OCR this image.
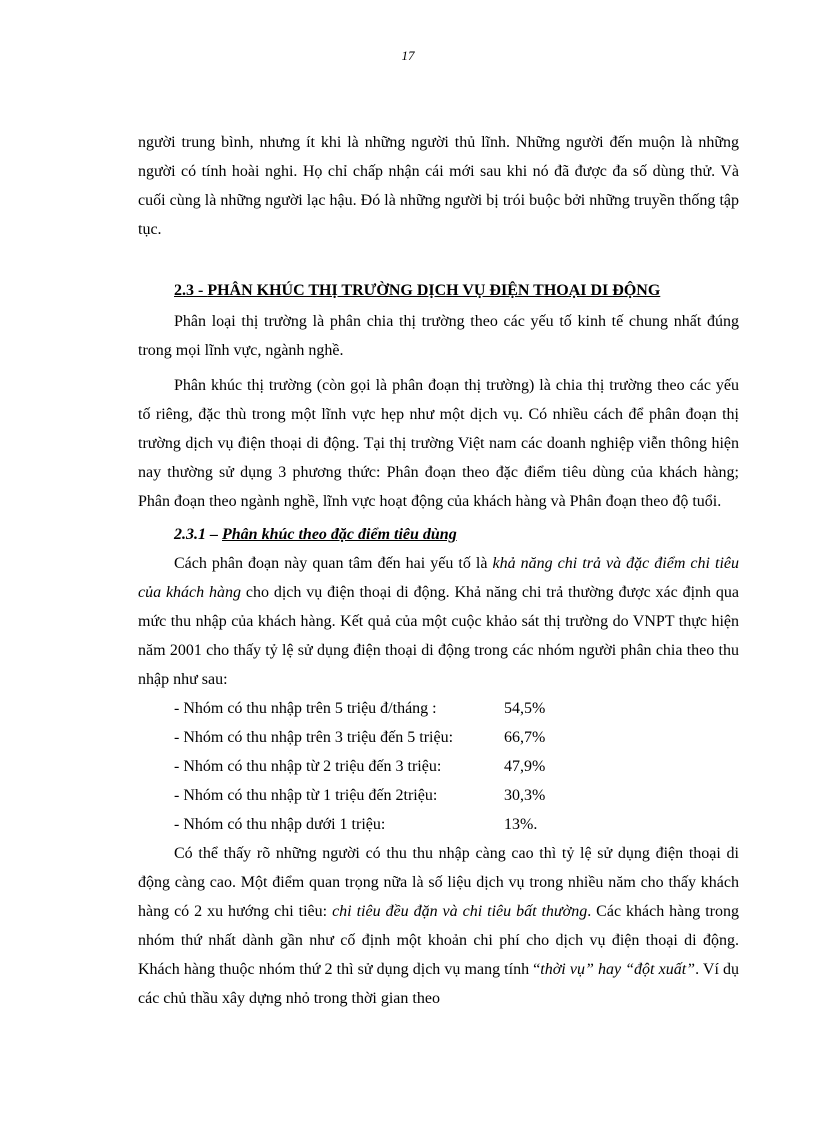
17

người trung bình, nhưng ít khi là những người thủ lĩnh. Những người đến muộn là những người có tính hoài nghi. Họ chỉ chấp nhận cái mới sau khi nó đã được đa số dùng thử. Và cuối cùng là những người lạc hậu. Đó là những người bị trói buộc bởi những truyền thống tập tục.

2.3 - PHÂN KHÚC THỊ TRƯỜNG DỊCH VỤ ĐIỆN THOẠI DI ĐỘNG

Phân loại thị trường là phân chia thị trường theo các yếu tố kinh tế chung nhất đúng trong mọi lĩnh vực, ngành nghề.

Phân khúc thị trường (còn gọi là phân đoạn thị trường) là chia thị trường theo các yếu tố riêng, đặc thù trong một lĩnh vực hẹp như một dịch vụ. Có nhiều cách để phân đoạn thị trường dịch vụ điện thoại di động. Tại thị trường Việt nam các doanh nghiệp viễn thông hiện nay thường sử dụng 3 phương thức: Phân đoạn theo đặc điểm tiêu dùng của khách hàng; Phân đoạn theo ngành nghề, lĩnh vực hoạt động của khách hàng và Phân đoạn theo độ tuổi.

2.3.1 – Phân khúc theo đặc điểm tiêu dùng

Cách phân đoạn này quan tâm đến hai yếu tố là khả năng chi trả và đặc điểm chi tiêu của khách hàng cho dịch vụ điện thoại di động. Khả năng chi trả thường được xác định qua mức thu nhập của khách hàng. Kết quả của một cuộc khảo sát thị trường do VNPT thực hiện năm 2001 cho thấy tỷ lệ sử dụng điện thoại di động trong các nhóm người phân chia theo thu nhập như sau:

- Nhóm có thu nhập trên 5 triệu đ/tháng :	54,5%
- Nhóm có thu nhập trên 3 triệu đến 5 triệu:	66,7%
- Nhóm có thu nhập từ 2 triệu đến 3 triệu:	47,9%
- Nhóm có thu nhập từ 1 triệu đến 2triệu:	30,3%
- Nhóm có thu nhập dưới 1 triệu:	13%.

Có thể thấy rõ những người có thu thu nhập càng cao thì tỷ lệ sử dụng điện thoại di động càng cao. Một điểm quan trọng nữa là số liệu dịch vụ trong nhiều năm cho thấy khách hàng có 2 xu hướng chi tiêu: chi tiêu đều đặn và chi tiêu bất thường. Các khách hàng trong nhóm thứ nhất dành gần như cố định một khoản chi phí cho dịch vụ điện thoại di động. Khách hàng thuộc nhóm thứ 2 thì sử dụng dịch vụ mang tính “thời vụ” hay “đột xuất”. Ví dụ các chủ thầu xây dựng nhỏ trong thời gian theo
